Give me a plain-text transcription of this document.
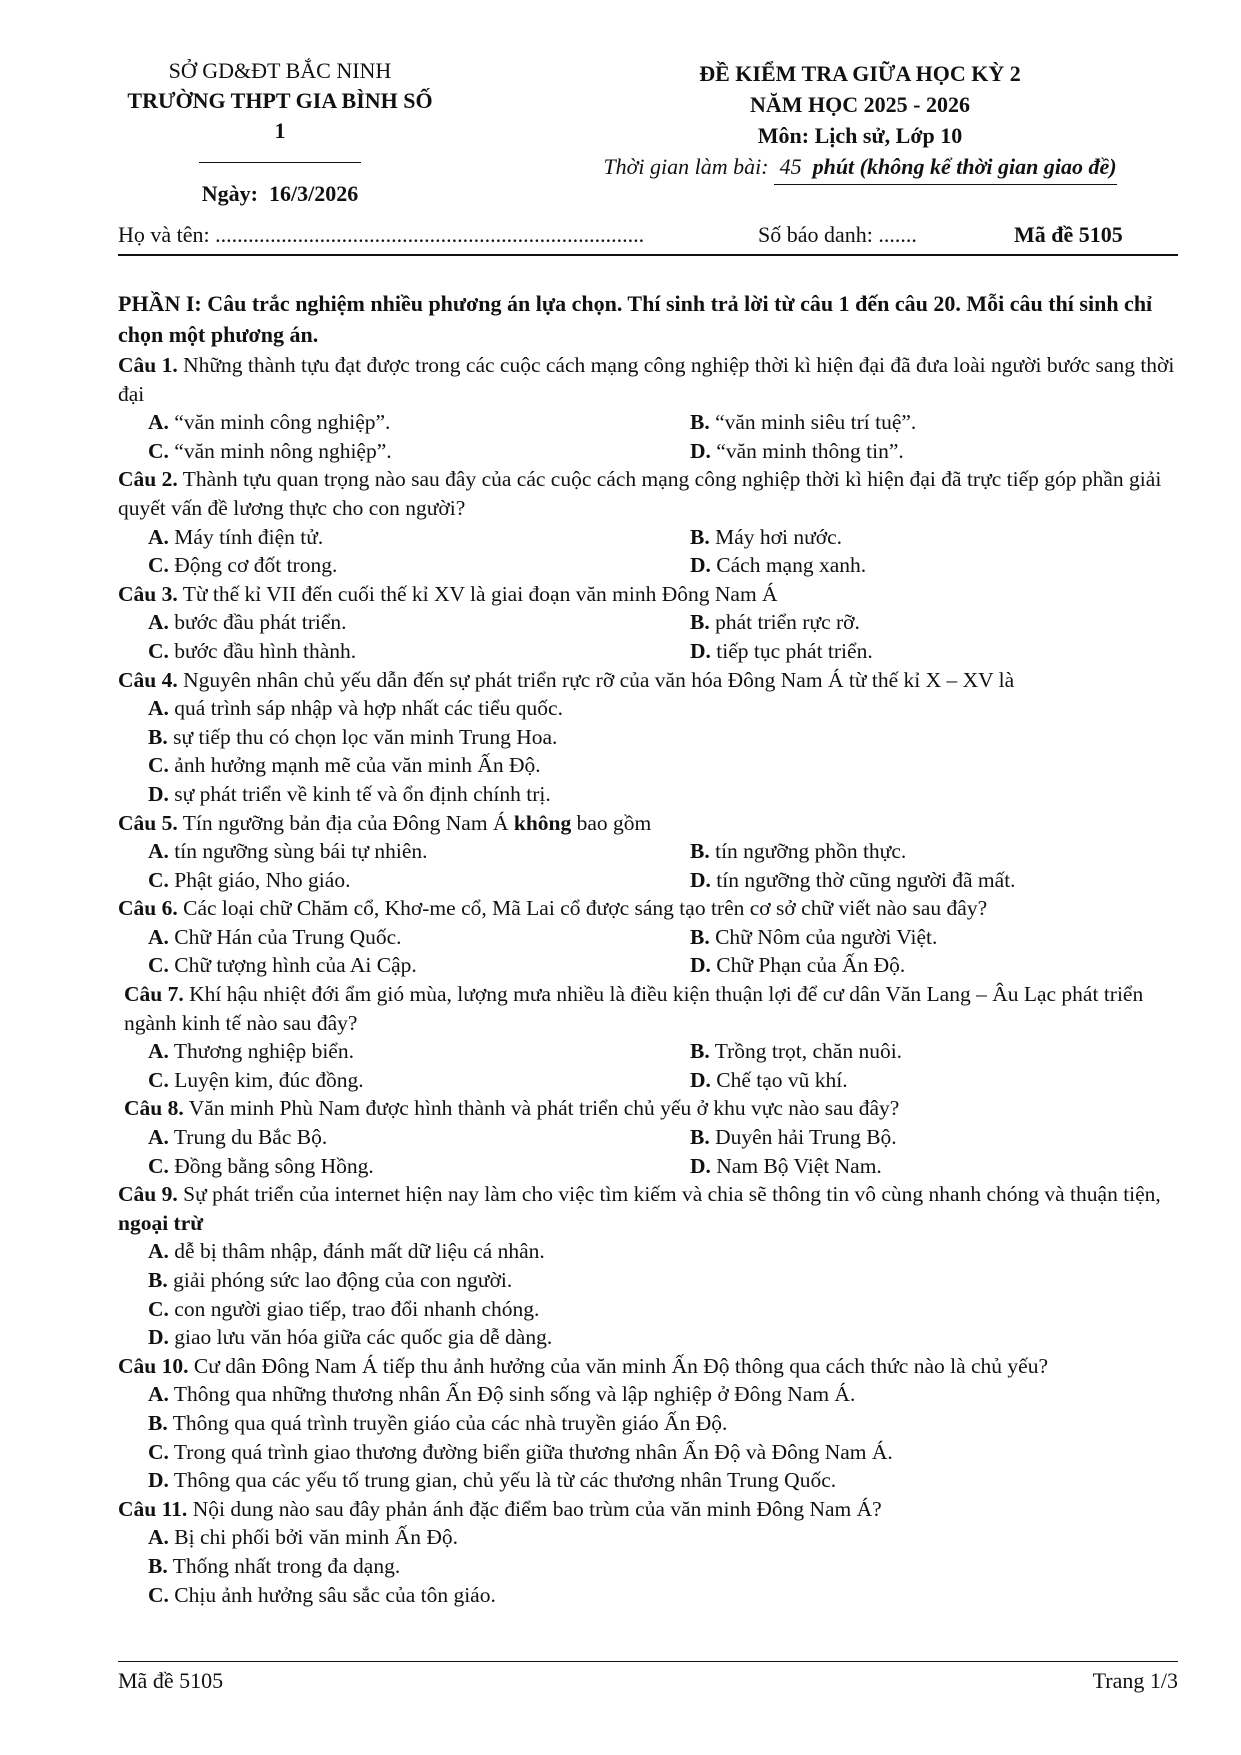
SỞ GD&ĐT BẮC NINH
TRƯỜNG THPT GIA BÌNH SỐ 1
Ngày: 16/3/2026
ĐỀ KIỂM TRA GIỮA HỌC KỲ 2
NĂM HỌC 2025 - 2026
Môn: Lịch sử, Lớp 10
Thời gian làm bài: 45 phút (không kể thời gian giao đề)
Họ và tên: ..............................................................................	Số báo danh: .......	Mã đề 5105
PHẦN I: Câu trắc nghiệm nhiều phương án lựa chọn. Thí sinh trả lời từ câu 1 đến câu 20. Mỗi câu thí sinh chỉ chọn một phương án.

Câu 1. Những thành tựu đạt được trong các cuộc cách mạng công nghiệp thời kì hiện đại đã đưa loài người bước sang thời đại

A. “văn minh công nghiệp”.	B. “văn minh siêu trí tuệ”.
C. “văn minh nông nghiệp”.	D. “văn minh thông tin”.

Câu 2. Thành tựu quan trọng nào sau đây của các cuộc cách mạng công nghiệp thời kì hiện đại đã trực tiếp góp phần giải quyết vấn đề lương thực cho con người?

A. Máy tính điện tử.	B. Máy hơi nước.
C. Động cơ đốt trong.	D. Cách mạng xanh.

Câu 3. Từ thế kỉ VII đến cuối thế kỉ XV là giai đoạn văn minh Đông Nam Á

A. bước đầu phát triển.	B. phát triển rực rỡ.
C. bước đầu hình thành.	D. tiếp tục phát triển.

Câu 4. Nguyên nhân chủ yếu dẫn đến sự phát triển rực rỡ của văn hóa Đông Nam Á từ thế kỉ X – XV là

A. quá trình sáp nhập và hợp nhất các tiểu quốc.
B. sự tiếp thu có chọn lọc văn minh Trung Hoa.
C. ảnh hưởng mạnh mẽ của văn minh Ấn Độ.
D. sự phát triển về kinh tế và ổn định chính trị.

Câu 5. Tín ngưỡng bản địa của Đông Nam Á không bao gồm

A. tín ngưỡng sùng bái tự nhiên.	B. tín ngưỡng phồn thực.
C. Phật giáo, Nho giáo.	D. tín ngưỡng thờ cũng người đã mất.

Câu 6. Các loại chữ Chăm cổ, Khơ-me cổ, Mã Lai cổ được sáng tạo trên cơ sở chữ viết nào sau đây?

A. Chữ Hán của Trung Quốc.	B. Chữ Nôm của người Việt.
C. Chữ tượng hình của Ai Cập.	D. Chữ Phạn của Ấn Độ.

Câu 7. Khí hậu nhiệt đới ẩm gió mùa, lượng mưa nhiều là điều kiện thuận lợi để cư dân Văn Lang – Âu Lạc phát triển ngành kinh tế nào sau đây?

A. Thương nghiệp biển.	B. Trồng trọt, chăn nuôi.
C. Luyện kim, đúc đồng.	D. Chế tạo vũ khí.

Câu 8. Văn minh Phù Nam được hình thành và phát triển chủ yếu ở khu vực nào sau đây?

A. Trung du Bắc Bộ.	B. Duyên hải Trung Bộ.
C. Đồng bằng sông Hồng.	D. Nam Bộ Việt Nam.

Câu 9. Sự phát triển của internet hiện nay làm cho việc tìm kiếm và chia sẽ thông tin vô cùng nhanh chóng và thuận tiện, ngoại trừ

A. dễ bị thâm nhập, đánh mất dữ liệu cá nhân.
B. giải phóng sức lao động của con người.
C. con người giao tiếp, trao đổi nhanh chóng.
D. giao lưu văn hóa giữa các quốc gia dễ dàng.

Câu 10. Cư dân Đông Nam Á tiếp thu ảnh hưởng của văn minh Ấn Độ thông qua cách thức nào là chủ yếu?

A. Thông qua những thương nhân Ấn Độ sinh sống và lập nghiệp ở Đông Nam Á.
B. Thông qua quá trình truyền giáo của các nhà truyền giáo Ấn Độ.
C. Trong quá trình giao thương đường biển giữa thương nhân Ấn Độ và Đông Nam Á.
D. Thông qua các yếu tố trung gian, chủ yếu là từ các thương nhân Trung Quốc.

Câu 11. Nội dung nào sau đây phản ánh đặc điểm bao trùm của văn minh Đông Nam Á?

A. Bị chi phối bởi văn minh Ấn Độ.
B. Thống nhất trong đa dạng.
C. Chịu ảnh hưởng sâu sắc của tôn giáo.
Mã đề 5105	Trang 1/3
